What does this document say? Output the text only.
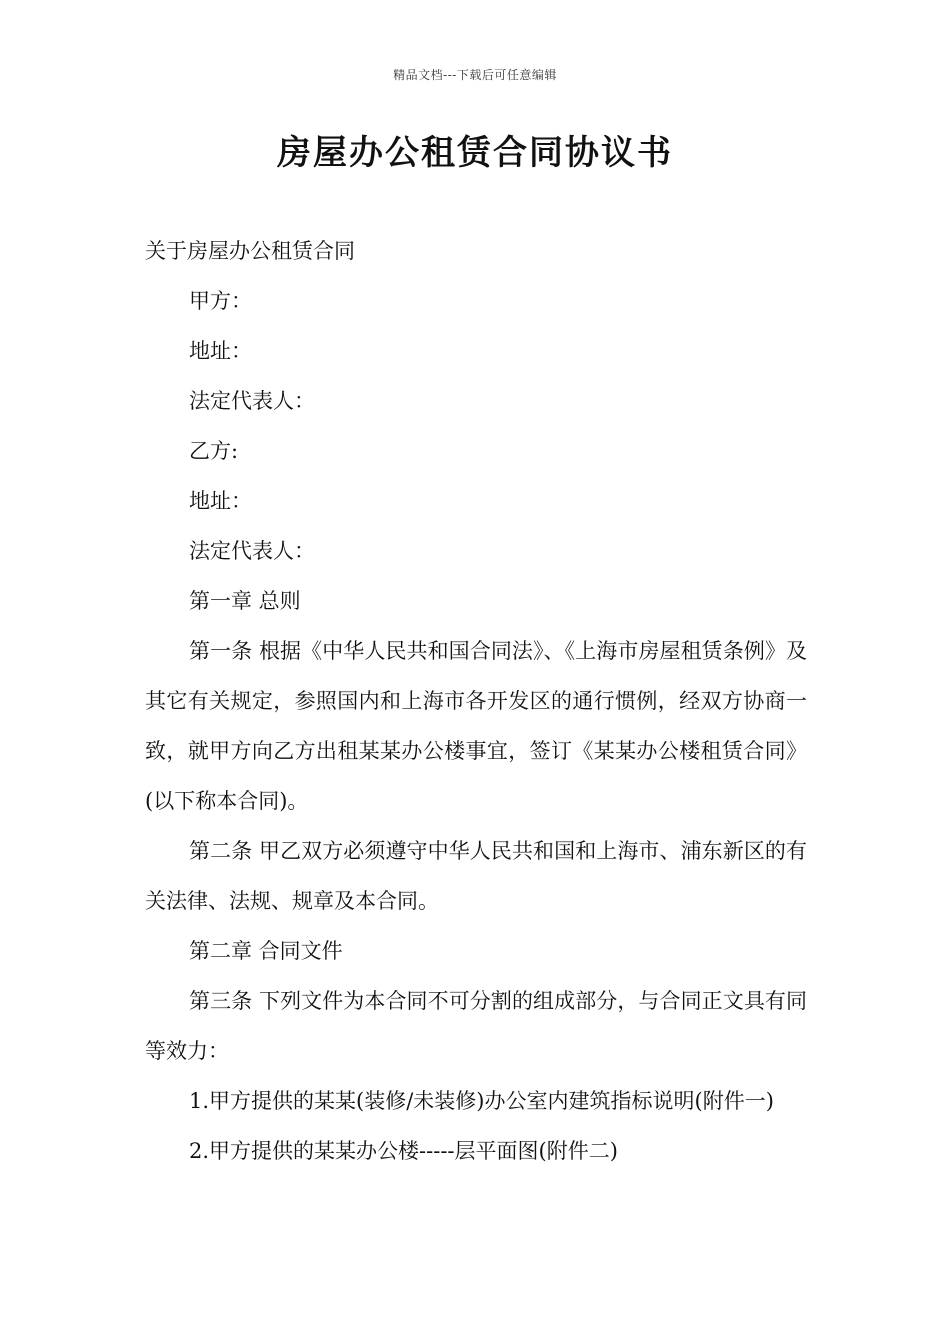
精品文档---下载后可任意编辑
房屋办公租赁合同协议书

关于房屋办公租赁合同

甲方：

地址：

法定代表人：

乙方:

地址：

法定代表人：

第一章 总则

第一条 根据《中华人民共和国合同法》、《上海市房屋租赁条例》及其它有关规定，参照国内和上海市各开发区的通行惯例，经双方协商一致，就甲方向乙方出租某某办公楼事宜，签订《某某办公楼租赁合同》(以下称本合同)。

第二条 甲乙双方必须遵守中华人民共和国和上海市、浦东新区的有关法律、法规、规章及本合同。

第二章 合同文件

第三条 下列文件为本合同不可分割的组成部分，与合同正文具有同等效力：

1.甲方提供的某某(装修/未装修)办公室内建筑指标说明(附件一)

2.甲方提供的某某办公楼-----层平面图(附件二)
